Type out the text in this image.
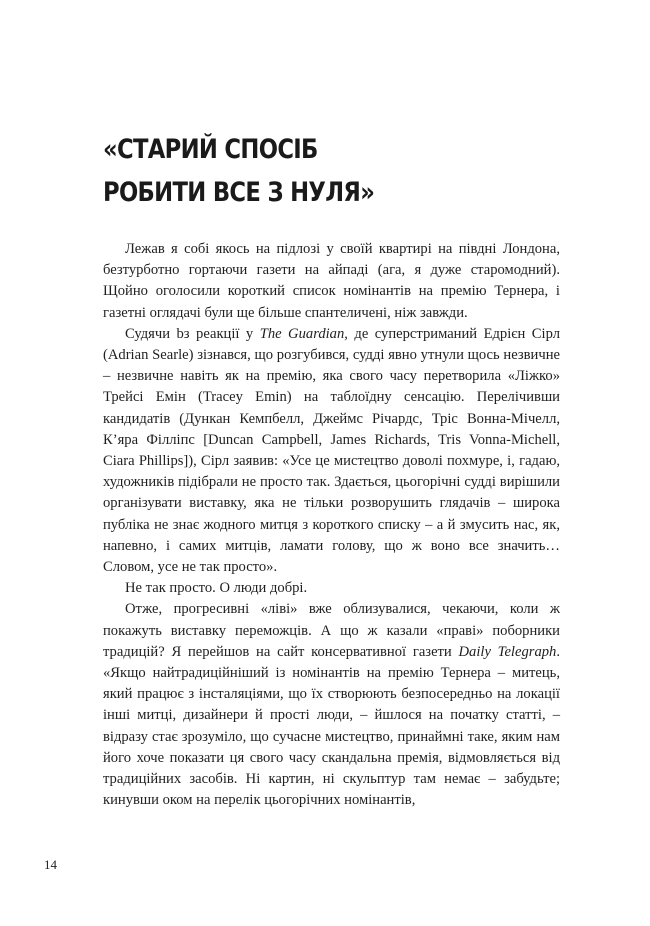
«СТАРИЙ СПОСІБ
РОБИТИ ВСЕ З НУЛЯ»

Лежав я собі якось на підлозі у своїй квартирі на півдні Лондона, безтурботно гортаючи газети на айпаді (ага, я дуже старомодний). Щойно оголосили короткий список номінантів на премію Тернера, і газетні оглядачі були ще більше спантеличені, ніж завжди.

Судячи bз реакції у The Guardian, де суперстриманий Едрієн Сірл (Adrian Searle) зізнався, що розгубився, судді явно утнули щось незвичне – незвичне навіть як на премію, яка свого часу перетворила «Ліжко» Трейсі Емін (Tracey Emin) на таблоїдну сенсацію. Перелічивши кандидатів (Дункан Кемпбелл, Джеймс Річардс, Тріс Вонна-Мічелл, К’яра Філліпс [Duncan Campbell, James Richards, Tris Vonna-Michell, Ciara Phillips]), Сірл заявив: «Усе це мистецтво доволі похмуре, і, гадаю, художників підібрали не просто так. Здається, цьогорічні судді вирішили організувати виставку, яка не тільки розворушить глядачів – широка публіка не знає жодного митця з короткого списку – а й змусить нас, як, напевно, і самих митців, ламати голову, що ж воно все значить… Словом, усе не так просто».

Не так просто. О люди добрі.

Отже, прогресивні «ліві» вже облизувалися, чекаючи, коли ж покажуть виставку переможців. А що ж казали «праві» поборники традицій? Я перейшов на сайт консервативної газети Daily Telegraph. «Якщо найтрадиційніший із номінантів на премію Тернера – митець, який працює з інсталяціями, що їх створюють безпосередньо на локації інші митці, дизайнери й прості люди, – йшлося на початку статті, – відразу стає зрозуміло, що сучасне мистецтво, принаймні таке, яким нам його хоче показати ця свого часу скандальна премія, відмовляється від традиційних засобів. Ні картин, ні скульптур там немає – забудьте; кинувши оком на перелік цьогорічних номінантів,

14
